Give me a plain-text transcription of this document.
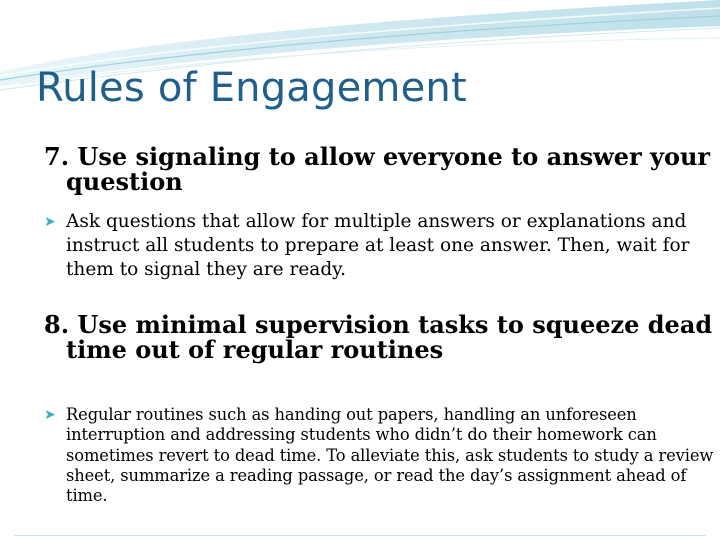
Rules of Engagement

7. Use signaling to allow everyone to answer your question

➤ Ask questions that allow for multiple answers or explanations and instruct all students to prepare at least one answer. Then, wait for them to signal they are ready.

8. Use minimal supervision tasks to squeeze dead time out of regular routines

➤ Regular routines such as handing out papers, handling an unforeseen interruption and addressing students who didn’t do their homework can sometimes revert to dead time. To alleviate this, ask students to study a review sheet, summarize a reading passage, or read the day’s assignment ahead of time.
